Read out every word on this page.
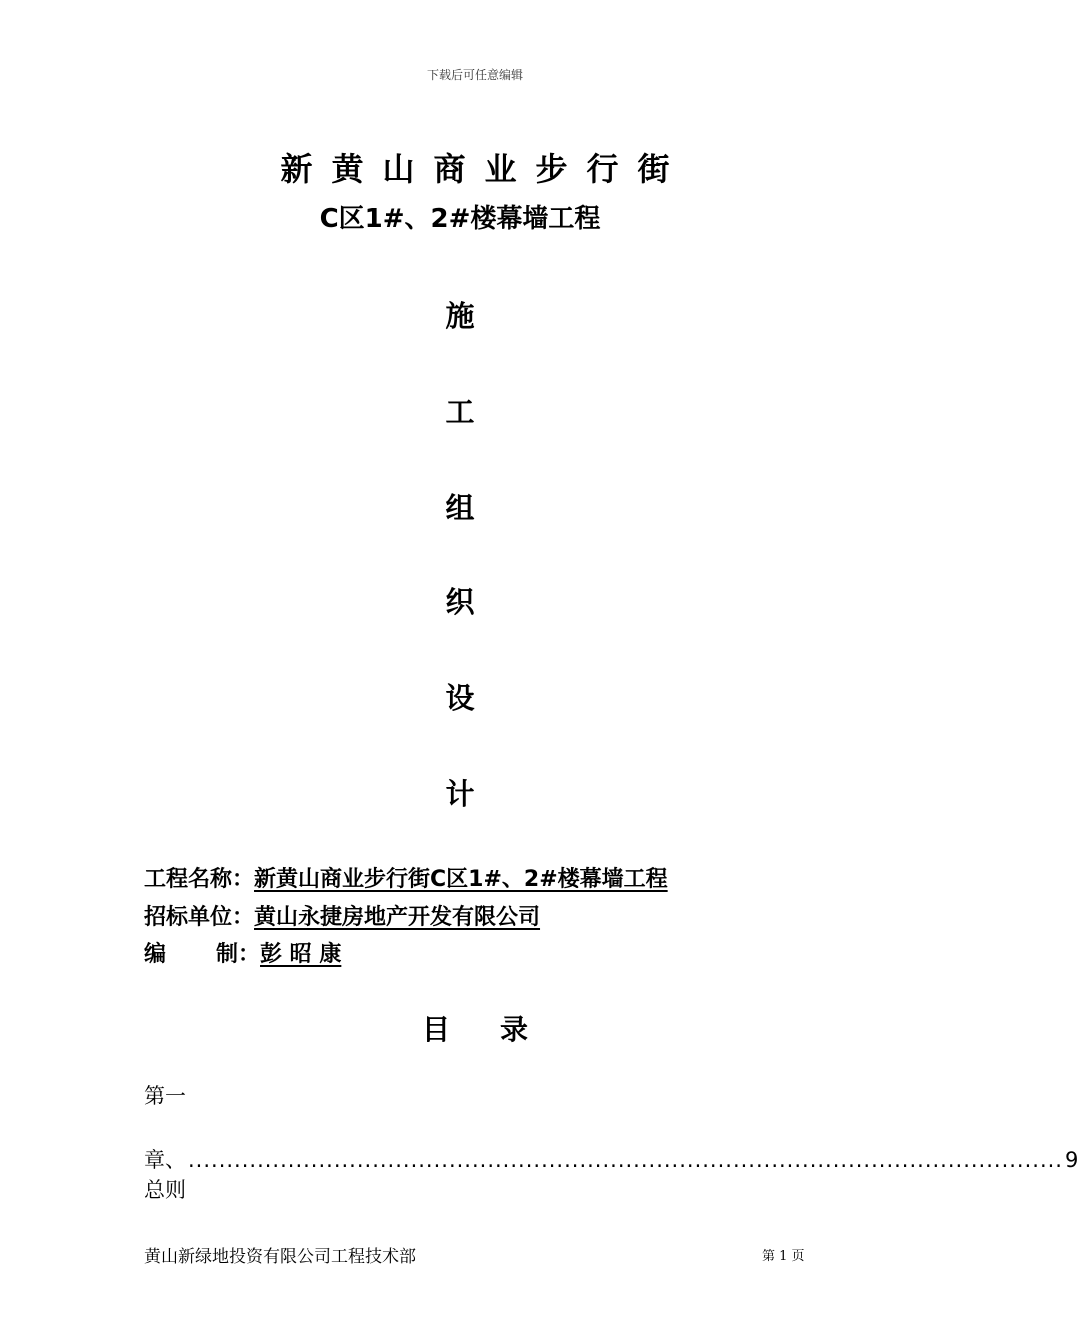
下载后可任意编辑
新黄山商业步行街
C区1#、2#楼幕墙工程
施
工
组
织
设
计
工程名称：新黄山商业步行街C区1#、2#楼幕墙工程
招标单位：黄山永捷房地产开发有限公司
编 制：彭 昭 康
目 录
第一
章、总则
.................................................................................................................. 9
黄山新绿地投资有限公司工程技术部	第 1 页
